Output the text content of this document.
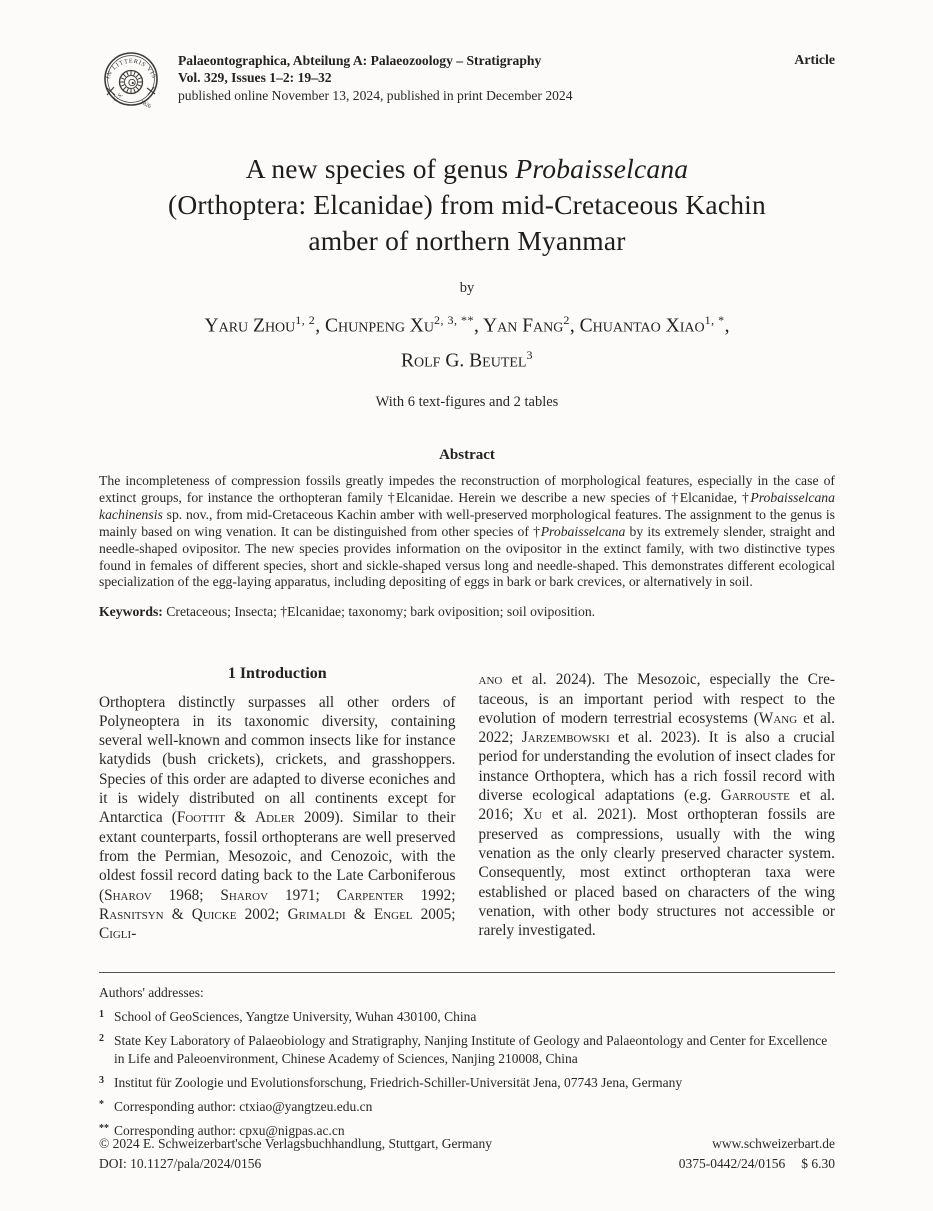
IN LITTERIS VIS
E. S.
1826
Palaeontographica, Abteilung A: Palaeozoology – Stratigraphy
Vol. 329, Issues 1–2: 19–32
published online November 13, 2024, published in print December 2024
Article
A new species of genus Probaisselcana
(Orthoptera: Elcanidae) from mid-Cretaceous Kachin
amber of northern Myanmar
by
Yaru Zhou$^{1, 2}$, Chunpeng $Xu^{2, 3, **}$, Yan Fang$^2$, Chuantao Xiao$^{1, *}$,
Rolf G. Beutel$^3$
With 6 text-figures and 2 tables
Abstract
The incompleteness of compression fossils greatly impedes the reconstruction of morphological features, especially in the case of extinct groups, for instance the orthopteran family †Elcanidae. Herein we describe a new species of †Elcanidae, †Probaisselcana kachinensis sp. nov., from mid-Cretaceous Kachin amber with well-preserved morphological features. The assignment to the genus is mainly based on wing venation. It can be distinguished from other species of †Probaisselcana by its extremely slender, straight and needle-shaped ovipositor. The new species provides information on the ovipositor in the extinct family, with two distinctive types found in females of different species, short and sickle-shaped versus long and needle-shaped. This demonstrates different ecological specialization of the egg-laying apparatus, including depositing of eggs in bark or bark crevices, or alternatively in soil.
Keywords: Cretaceous; Insecta; †Elcanidae; taxonomy; bark oviposition; soil oviposition.
1 Introduction
Orthoptera distinctly surpasses all other orders of Polyneoptera in its taxonomic diversity, containing several well-known and common insects like for instance katydids (bush crickets), crickets, and grasshoppers. Species of this order are adapted to diverse econiches and it is widely distributed on all continents except for Antarctica (Foottit & Adler 2009). Similar to their extant counterparts, fossil orthopterans are well preserved from the Permian, Mesozoic, and Cenozoic, with the oldest fossil record dating back to the Late Carboniferous (Sharov 1968; Sharov 1971; Carpenter 1992; Rasnitsyn & Quicke 2002; Grimaldi & Engel 2005; Cigli-
ano et al. 2024). The Mesozoic, especially the Cretaceous, is an important period with respect to the evolution of modern terrestrial ecosystems (Wang et al. 2022; Jarzembowski et al. 2023). It is also a crucial period for understanding the evolution of insect clades for instance Orthoptera, which has a rich fossil record with diverse ecological adaptations (e.g. Garrouste et al. 2016; Xu et al. 2021). Most orthopteran fossils are preserved as compressions, usually with the wing venation as the only clearly preserved character system. Consequently, most extinct orthopteran taxa were established or placed based on characters of the wing venation, with other body structures not accessible or rarely investigated.
Authors' addresses:
1 School of GeoSciences, Yangtze University, Wuhan 430100, China
2 State Key Laboratory of Palaeobiology and Stratigraphy, Nanjing Institute of Geology and Palaeontology and Center for Excellence in Life and Paleoenvironment, Chinese Academy of Sciences, Nanjing 210008, China
3 Institut für Zoologie und Evolutionsforschung, Friedrich-Schiller-Universität Jena, 07743 Jena, Germany
* Corresponding author: ctxiao@yangtzeu.edu.cn
** Corresponding author: cpxu@nigpas.ac.cn
© 2024 E. Schweizerbart'sche Verlagsbuchhandlung, Stuttgart, Germany
DOI: 10.1127/pala/2024/0156
www.schweizerbart.de
0375-0442/24/0156 $ 6.30
